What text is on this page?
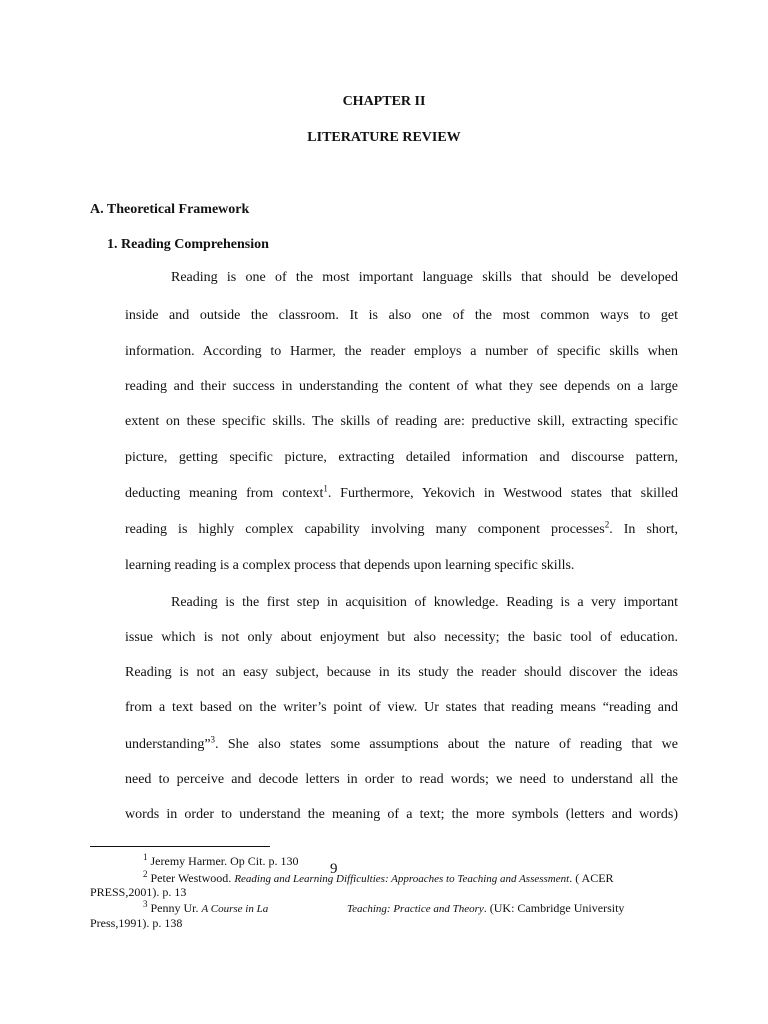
CHAPTER II
LITERATURE REVIEW
A. Theoretical Framework
1. Reading Comprehension
Reading is one of the most important language skills that should be developed
inside and outside the classroom. It is also one of the most common ways to get
information. According to Harmer, the reader employs a number of specific skills when
reading and their success in understanding the content of what they see depends on a large
extent on these specific skills. The skills of reading are: preductive skill, extracting specific
picture, getting specific picture, extracting detailed information and discourse pattern,
deducting meaning from context$^1$. Furthermore, Yekovich in Westwood states that skilled
reading is highly complex capability involving many component processes$^2$. In short,
learning reading is a complex process that depends upon learning specific skills.
Reading is the first step in acquisition of knowledge. Reading is a very important
issue which is not only about enjoyment but also necessity; the basic tool of education.
Reading is not an easy subject, because in its study the reader should discover the ideas
from a text based on the writer’s point of view. Ur states that reading means “reading and
understanding”$^3$. She also states some assumptions about the nature of reading that we
need to perceive and decode letters in order to read words; we need to understand all the
words in order to understand the meaning of a text; the more symbols (letters and words)
$^1$ Jeremy Harmer. Op Cit. p. 130
$^2$ Peter Westwood. Reading and Learning Difficulties: Approaches to Teaching and Assessment. ( ACER
PRESS,2001). p. 13
9
$^3$ Penny Ur. A Course in La	Teaching: Practice and Theory. (UK: Cambridge University
Press,1991). p. 138
